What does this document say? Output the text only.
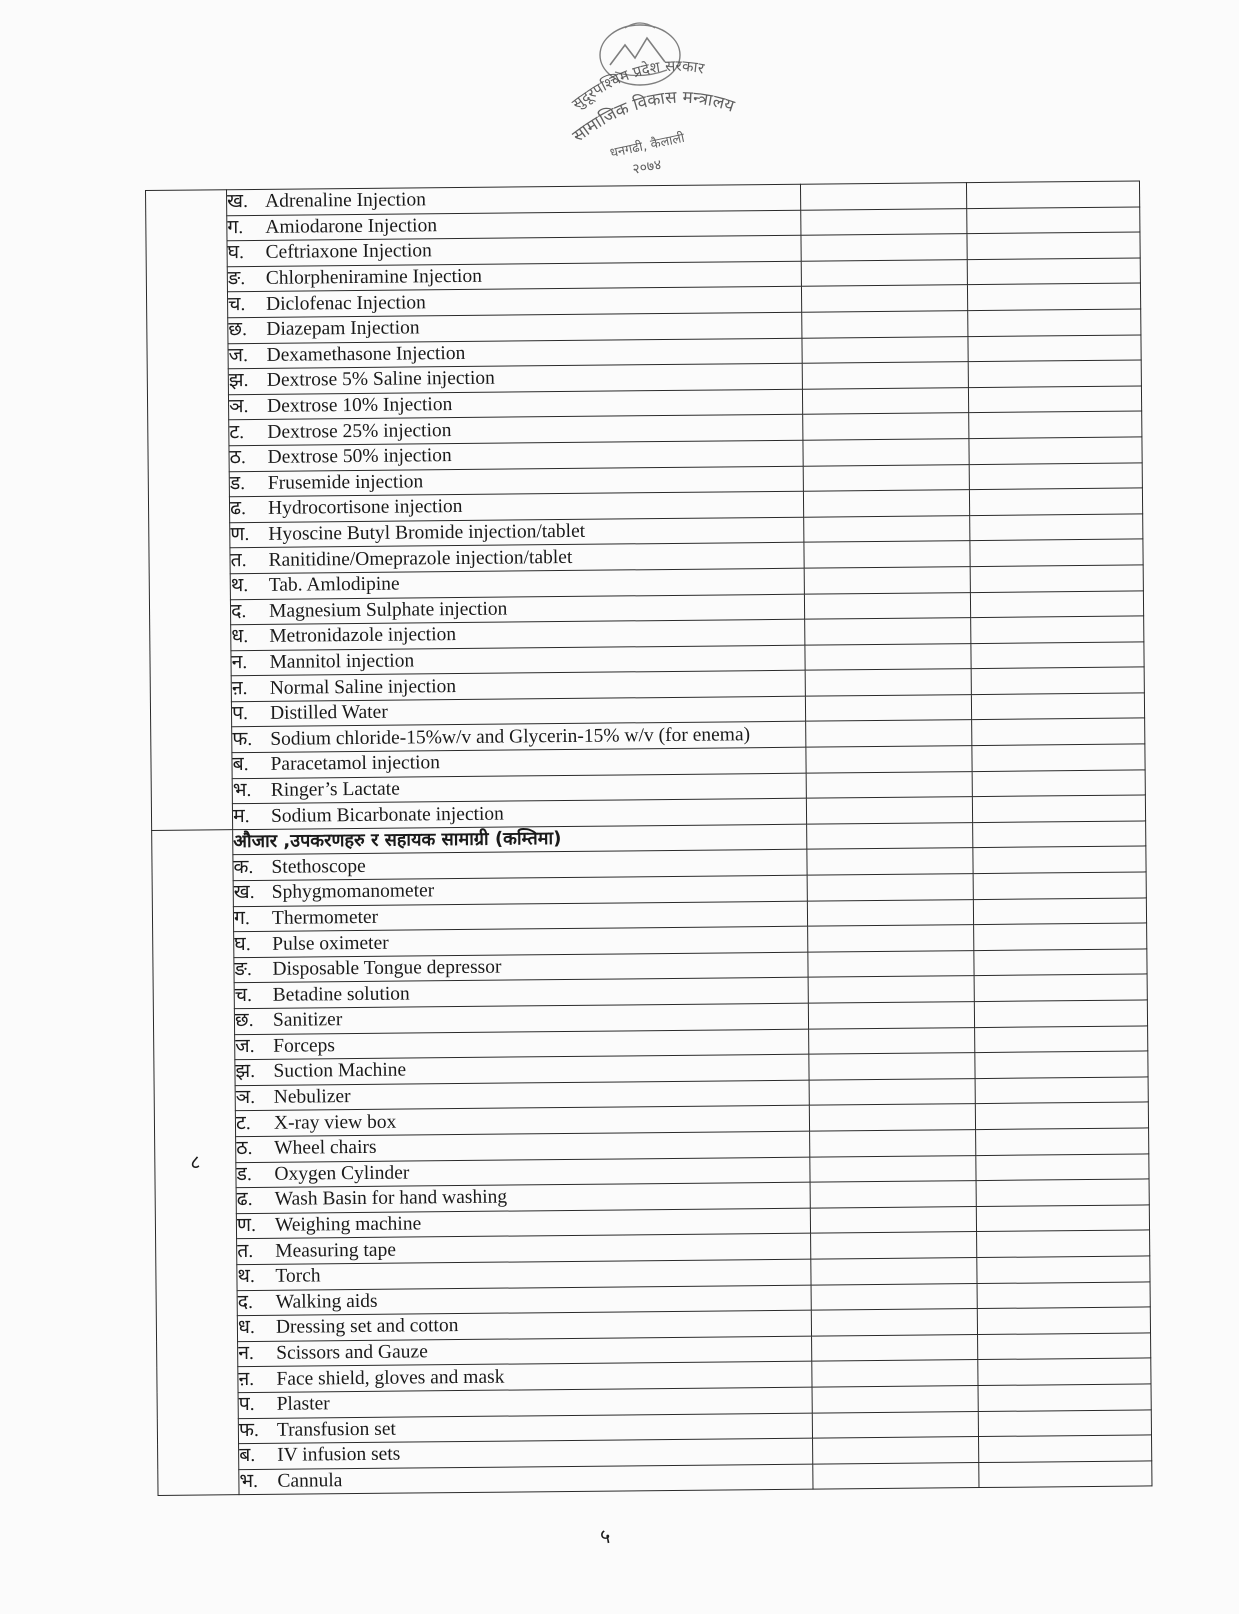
सुदूरपश्चिम प्रदेश सरकार
सामाजिक विकास मन्त्रालय
धनगढी, कैलाली
२०७४
	ख. Adrenaline Injection		
	ग. Amiodarone Injection		
	घ. Ceftriaxone Injection		
	ङ. Chlorpheniramine Injection		
	च. Diclofenac Injection		
	छ. Diazepam Injection		
	ज. Dexamethasone Injection		
	झ. Dextrose 5% Saline injection		
	ञ. Dextrose 10% Injection		
	ट. Dextrose 25% injection		
	ठ. Dextrose 50% injection		
	ड. Frusemide injection		
	ढ. Hydrocortisone injection		
	ण. Hyoscine Butyl Bromide injection/tablet		
	त. Ranitidine/Omeprazole injection/tablet		
	थ. Tab. Amlodipine		
	द. Magnesium Sulphate injection		
	ध. Metronidazole injection		
	न. Mannitol injection		
	ऩ. Normal Saline injection		
	प. Distilled Water		
	फ. Sodium chloride-15%w/v and Glycerin-15% w/v (for enema)		
	ब. Paracetamol injection		
	भ. Ringer’s Lactate		
	म. Sodium Bicarbonate injection		
८	औजार ,उपकरणहरु र सहायक सामाग्री (कम्तिमा)		
	क. Stethoscope		
	ख. Sphygmomanometer		
	ग. Thermometer		
	घ. Pulse oximeter		
	ङ. Disposable Tongue depressor		
	च. Betadine solution		
	छ. Sanitizer		
	ज. Forceps		
	झ. Suction Machine		
	ञ. Nebulizer		
	ट. X-ray view box		
	ठ. Wheel chairs		
	ड. Oxygen Cylinder		
	ढ. Wash Basin for hand washing		
	ण. Weighing machine		
	त. Measuring tape		
	थ. Torch		
	द. Walking aids		
	ध. Dressing set and cotton		
	न. Scissors and Gauze		
	ऩ. Face shield, gloves and mask		
	प. Plaster		
	फ. Transfusion set		
	ब. IV infusion sets		
	भ. Cannula		
५
